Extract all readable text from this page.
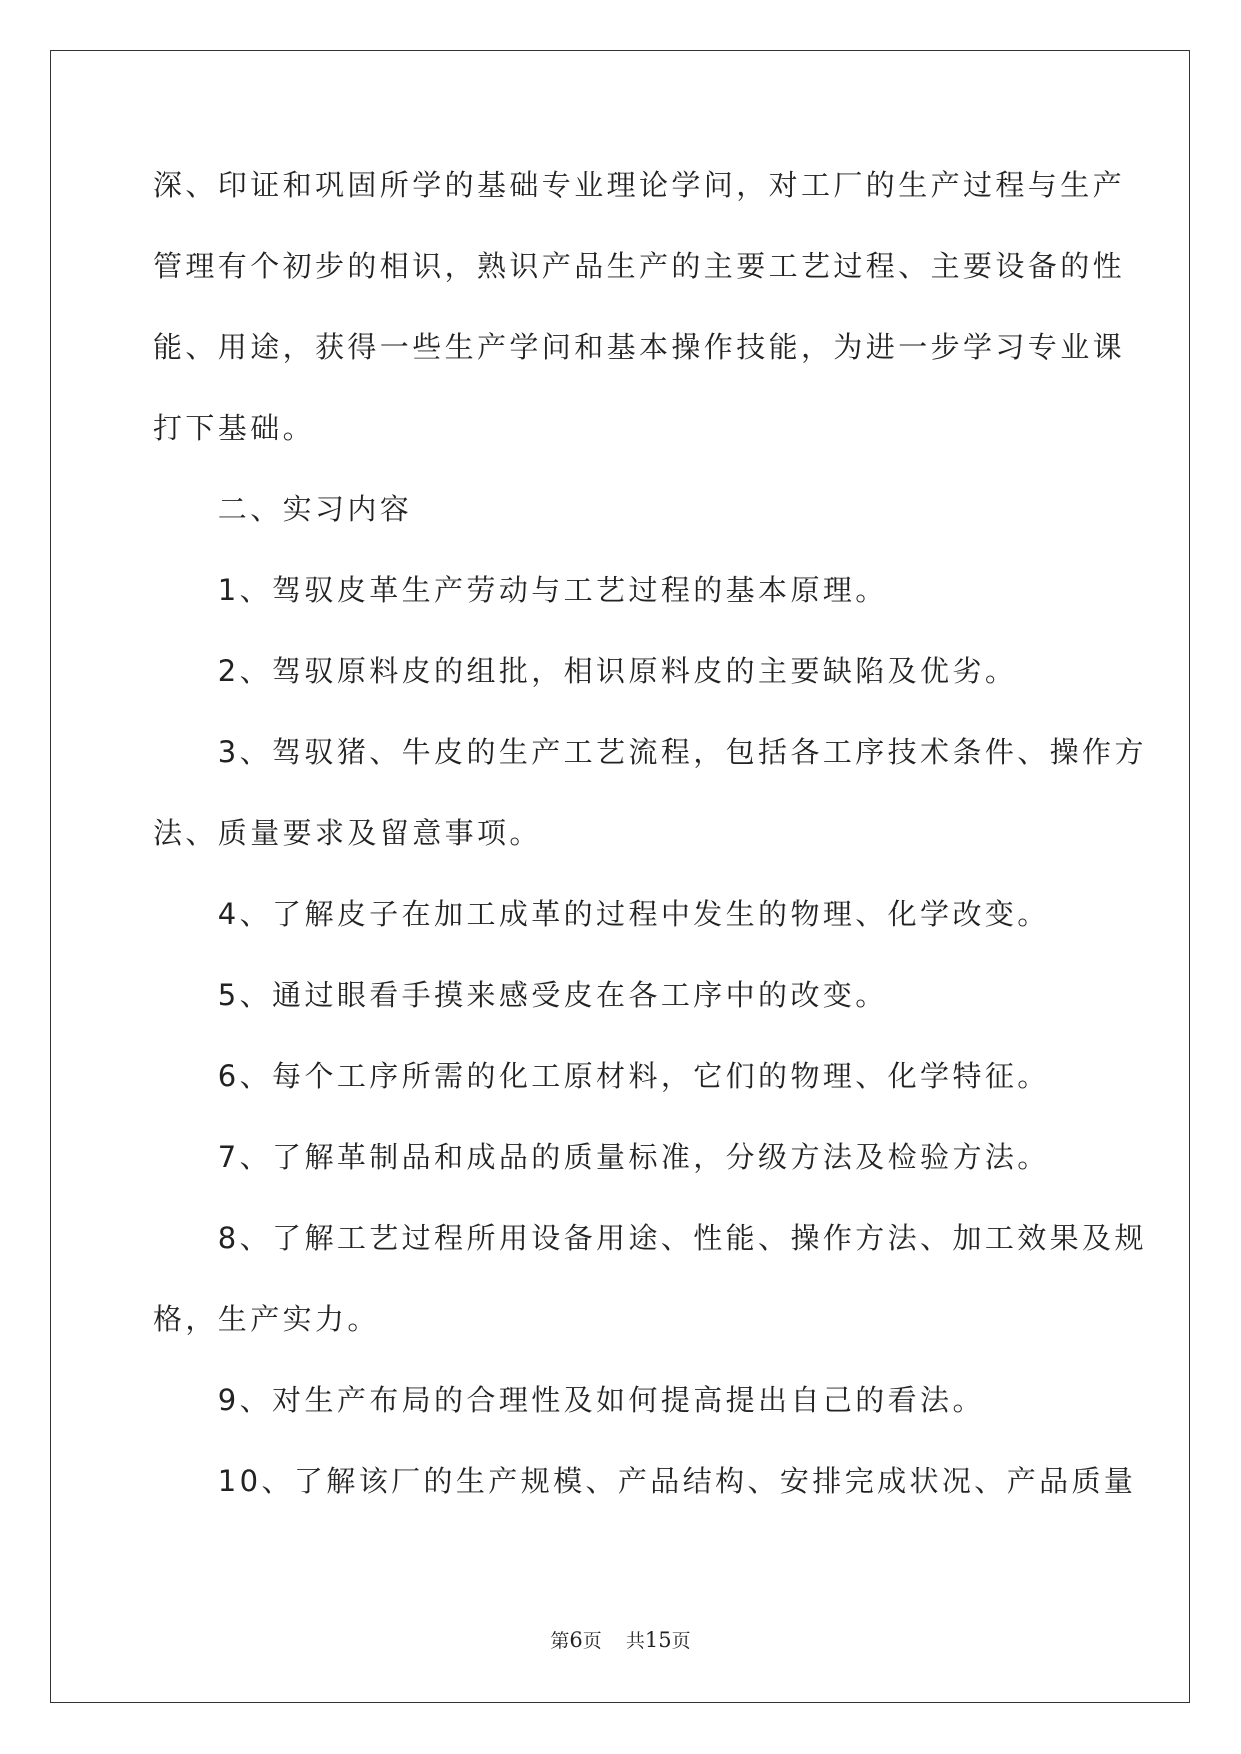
深、印证和巩固所学的基础专业理论学问，对工厂的生产过程与生产
管理有个初步的相识，熟识产品生产的主要工艺过程、主要设备的性
能、用途，获得一些生产学问和基本操作技能，为进一步学习专业课
打下基础。
　　二、实习内容
　　1、驾驭皮革生产劳动与工艺过程的基本原理。
　　2、驾驭原料皮的组批，相识原料皮的主要缺陷及优劣。
　　3、驾驭猪、牛皮的生产工艺流程，包括各工序技术条件、操作方
法、质量要求及留意事项。
　　4、了解皮子在加工成革的过程中发生的物理、化学改变。
　　5、通过眼看手摸来感受皮在各工序中的改变。
　　6、每个工序所需的化工原材料，它们的物理、化学特征。
　　7、了解革制品和成品的质量标准，分级方法及检验方法。
　　8、了解工艺过程所用设备用途、性能、操作方法、加工效果及规
格，生产实力。
　　9、对生产布局的合理性及如何提高提出自己的看法。
　　10、了解该厂的生产规模、产品结构、安排完成状况、产品质量
第6页 共15页
